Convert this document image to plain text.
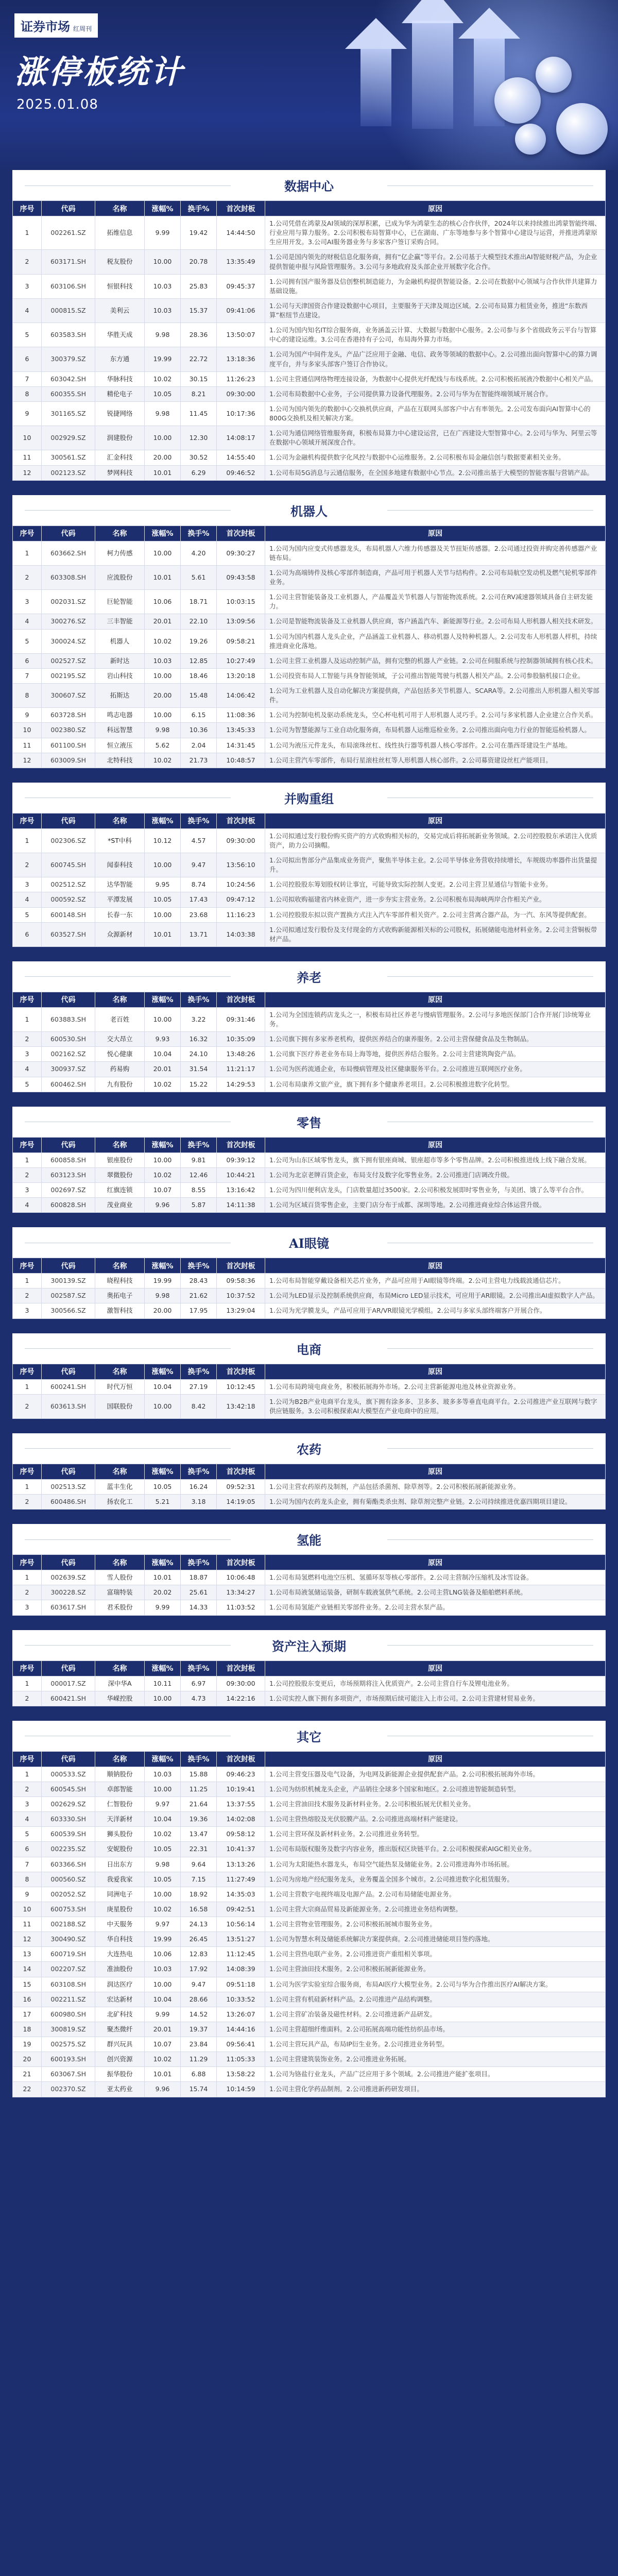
证券市场 红周刊
涨停板统计
2025.01.08
数据中心
序号	代码	名称	涨幅%	换手%	首次封板	原因
1	002261.SZ	拓维信息	9.99	19.42	14:44:50	1.公司凭借在鸿蒙及AI领域的深厚积累，已成为华为鸿蒙生态的核心合作伙伴，2024年以来持续推出鸿蒙智能终端、行业应用与算力服务。2.公司积极布局智算中心，已在湖南、广东等地参与多个智算中心建设与运营，并推进鸿蒙原生应用开发。3.公司AI服务器业务与多家客户签订采购合同。
2	603171.SH	税友股份	10.00	20.78	13:35:49	1.公司是国内领先的财税信息化服务商，拥有“亿企赢”等平台。2.公司基于大模型技术推出AI智能财税产品，为企业提供智能申报与风险管理服务。3.公司与多地政府及头部企业开展数字化合作。
3	603106.SH	恒银科技	10.03	25.83	09:45:37	1.公司拥有国产服务器及信创整机制造能力，为金融机构提供智能设备。2.公司在数据中心领域与合作伙伴共建算力基础设施。
4	000815.SZ	美利云	10.03	15.37	09:41:06	1.公司与天津国资合作建设数据中心项目，主要服务于天津及周边区域。2.公司布局算力租赁业务，推进“东数西算”枢纽节点建设。
5	603583.SH	华胜天成	9.98	28.36	13:50:07	1.公司为国内知名IT综合服务商，业务涵盖云计算、大数据与数据中心服务。2.公司参与多个省级政务云平台与智算中心的建设运维。3.公司在香港持有子公司，布局海外算力市场。
6	300379.SZ	东方通	19.99	22.72	13:18:36	1.公司为国产中间件龙头，产品广泛应用于金融、电信、政务等领域的数据中心。2.公司推出面向智算中心的算力调度平台，并与多家头部客户签订合作协议。
7	603042.SH	华脉科技	10.02	30.15	11:26:23	1.公司主营通信网络物理连接设备，为数据中心提供光纤配线与布线系统。2.公司积极拓展液冷数据中心相关产品。
8	600355.SH	精伦电子	10.05	8.21	09:30:00	1.公司布局数据中心业务，子公司提供算力设备代理服务。2.公司与华为在智能终端领域开展合作。
9	301165.SZ	锐捷网络	9.98	11.45	10:17:36	1.公司为国内领先的数据中心交换机供应商，产品在互联网头部客户中占有率领先。2.公司发布面向AI智算中心的800G交换机及相关解决方案。
10	002929.SZ	润建股份	10.00	12.30	14:08:17	1.公司为通信网络管维服务商，积极布局算力中心建设运营，已在广西建设大型智算中心。2.公司与华为、阿里云等在数据中心领域开展深度合作。
11	300561.SZ	汇金科技	20.00	30.52	14:55:40	1.公司为金融机构提供数字化风控与数据中心运维服务。2.公司积极布局金融信创与数据要素相关业务。
12	002123.SZ	梦网科技	10.01	6.29	09:46:52	1.公司布局5G消息与云通信服务，在全国多地建有数据中心节点。2.公司推出基于大模型的智能客服与营销产品。
机器人
序号	代码	名称	涨幅%	换手%	首次封板	原因
1	603662.SH	柯力传感	10.00	4.20	09:30:27	1.公司为国内应变式传感器龙头，布局机器人六维力传感器及关节扭矩传感器。2.公司通过投资并购完善传感器产业链布局。
2	603308.SH	应流股份	10.01	5.61	09:43:58	1.公司为高端铸件及核心零部件制造商，产品可用于机器人关节与结构件。2.公司布局航空发动机及燃气轮机零部件业务。
3	002031.SZ	巨轮智能	10.06	18.71	10:03:15	1.公司主营智能装备及工业机器人，产品覆盖关节机器人与智能物流系统。2.公司在RV减速器领域具备自主研发能力。
4	300276.SZ	三丰智能	20.01	22.10	13:09:56	1.公司是智能物流装备及工业机器人供应商，客户涵盖汽车、新能源等行业。2.公司布局人形机器人相关技术研发。
5	300024.SZ	机器人	10.02	19.26	09:58:21	1.公司为国内机器人龙头企业，产品涵盖工业机器人、移动机器人及特种机器人。2.公司发布人形机器人样机，持续推进商业化落地。
6	002527.SZ	新时达	10.03	12.85	10:27:49	1.公司主营工业机器人及运动控制产品，拥有完整的机器人产业链。2.公司在伺服系统与控制器领域拥有核心技术。
7	002195.SZ	岩山科技	10.00	18.46	13:20:18	1.公司投资布局人工智能与具身智能领域，子公司推出智能驾驶与机器人相关产品。2.公司参股脑机接口企业。
8	300607.SZ	拓斯达	20.00	15.48	14:06:42	1.公司为工业机器人及自动化解决方案提供商，产品包括多关节机器人、SCARA等。2.公司推出人形机器人相关零部件。
9	603728.SH	鸣志电器	10.00	6.15	11:08:36	1.公司为控制电机及驱动系统龙头，空心杯电机可用于人形机器人灵巧手。2.公司与多家机器人企业建立合作关系。
10	002380.SZ	科远智慧	9.98	10.36	13:45:33	1.公司为智慧能源与工业自动化服务商，布局机器人运维巡检业务。2.公司推出面向电力行业的智能巡检机器人。
11	601100.SH	恒立液压	5.62	2.04	14:31:45	1.公司为液压元件龙头，布局滚珠丝杠、线性执行器等机器人核心零部件。2.公司在墨西哥建设生产基地。
12	603009.SH	北特科技	10.02	21.73	10:48:57	1.公司主营汽车零部件，布局行星滚柱丝杠等人形机器人核心部件。2.公司募资建设丝杠产能项目。
并购重组
序号	代码	名称	涨幅%	换手%	首次封板	原因
1	002306.SZ	*ST中科	10.12	4.57	09:30:00	1.公司拟通过发行股份购买资产的方式收购相关标的，交易完成后将拓展新业务领域。2.公司控股股东承诺注入优质资产，助力公司摘帽。
2	600745.SH	闻泰科技	10.00	9.47	13:56:10	1.公司拟出售部分产品集成业务资产，聚焦半导体主业。2.公司半导体业务营收持续增长，车规级功率器件出货量提升。
3	002512.SZ	达华智能	9.95	8.74	10:24:56	1.公司控股股东筹划股权转让事宜，可能导致实际控制人变更。2.公司主营卫星通信与智能卡业务。
4	000592.SZ	平潭发展	10.05	17.43	09:47:12	1.公司拟收购福建省内林业资产，进一步夯实主营业务。2.公司积极布局海峡两岸合作相关产业。
5	600148.SH	长春一东	10.00	23.68	11:16:23	1.公司控股股东拟以资产置换方式注入汽车零部件相关资产。2.公司主营离合器产品，为一汽、东风等提供配套。
6	603527.SH	众源新材	10.01	13.71	14:03:38	1.公司拟通过发行股份及支付现金的方式收购新能源相关标的公司股权，拓展储能电池材料业务。2.公司主营铜板带材产品。
养老
序号	代码	名称	涨幅%	换手%	首次封板	原因
1	603883.SH	老百姓	10.00	3.22	09:31:46	1.公司为全国连锁药店龙头之一，积极布局社区养老与慢病管理服务。2.公司与多地医保部门合作开展门诊统筹业务。
2	600530.SH	交大昂立	9.93	16.32	10:35:09	1.公司旗下拥有多家养老机构，提供医养结合的康养服务。2.公司主营保健食品及生物制品。
3	002162.SZ	悦心健康	10.04	24.10	13:48:26	1.公司旗下医疗养老业务布局上海等地，提供医养结合服务。2.公司主营建筑陶瓷产品。
4	300937.SZ	药易购	20.01	31.54	11:21:17	1.公司为医药流通企业，布局慢病管理及社区健康服务平台。2.公司推进互联网医疗业务。
5	600462.SH	九有股份	10.02	15.22	14:29:53	1.公司布局康养文旅产业，旗下拥有多个健康养老项目。2.公司积极推进数字化转型。
零售
序号	代码	名称	涨幅%	换手%	首次封板	原因
1	600858.SH	银座股份	10.00	9.81	09:39:12	1.公司为山东区域零售龙头，旗下拥有银座商城、银座超市等多个零售品牌。2.公司积极推进线上线下融合发展。
2	603123.SH	翠微股份	10.02	12.46	10:44:21	1.公司为北京老牌百货企业，布局支付及数字化零售业务。2.公司推进门店调改升级。
3	002697.SZ	红旗连锁	10.07	8.55	13:16:42	1.公司为四川便利店龙头，门店数量超过3500家。2.公司积极发展即时零售业务，与美团、饿了么等平台合作。
4	600828.SH	茂业商业	9.96	5.87	14:11:38	1.公司为区域百货零售企业，主要门店分布于成都、深圳等地。2.公司推进商业综合体运营升级。
AI眼镜
序号	代码	名称	涨幅%	换手%	首次封板	原因
1	300139.SZ	晓程科技	19.99	28.43	09:58:36	1.公司布局智能穿戴设备相关芯片业务，产品可应用于AI眼镜等终端。2.公司主营电力线载波通信芯片。
2	002587.SZ	奥拓电子	9.98	21.62	10:37:52	1.公司为LED显示及控制系统供应商，布局Micro LED显示技术，可应用于AR眼镜。2.公司推出AI虚拟数字人产品。
3	300566.SZ	激智科技	20.00	17.95	13:29:04	1.公司为光学膜龙头，产品可应用于AR/VR眼镜光学模组。2.公司与多家头部终端客户开展合作。
电商
序号	代码	名称	涨幅%	换手%	首次封板	原因
1	600241.SH	时代万恒	10.04	27.19	10:12:45	1.公司布局跨境电商业务，积极拓展海外市场。2.公司主营新能源电池及林业资源业务。
2	603613.SH	国联股份	10.00	8.42	13:42:18	1.公司为B2B产业电商平台龙头，旗下拥有涂多多、卫多多、玻多多等垂直电商平台。2.公司推进产业互联网与数字供应链服务。3.公司积极探索AI大模型在产业电商中的应用。
农药
序号	代码	名称	涨幅%	换手%	首次封板	原因
1	002513.SZ	蓝丰生化	10.05	16.24	09:52:31	1.公司主营农药原药及制剂，产品包括杀菌剂、除草剂等。2.公司积极拓展新能源业务。
2	600486.SH	扬农化工	5.21	3.18	14:19:05	1.公司为国内农药龙头企业，拥有菊酯类杀虫剂、除草剂完整产业链。2.公司持续推进优嘉四期项目建设。
氢能
序号	代码	名称	涨幅%	换手%	首次封板	原因
1	002639.SZ	雪人股份	10.01	18.87	10:06:48	1.公司布局氢燃料电池空压机、氢循环泵等核心零部件。2.公司主营制冷压缩机及冰雪设备。
2	300228.SZ	富瑞特装	20.02	25.61	13:34:27	1.公司布局液氢储运装备，研制车载液氢供气系统。2.公司主营LNG装备及船舶燃料系统。
3	603617.SH	君禾股份	9.99	14.33	11:03:52	1.公司布局氢能产业链相关零部件业务。2.公司主营水泵产品。
资产注入预期
序号	代码	名称	涨幅%	换手%	首次封板	原因
1	000017.SZ	深中华A	10.11	6.97	09:30:00	1.公司控股股东变更后，市场预期将注入优质资产。2.公司主营自行车及锂电池业务。
2	600421.SH	华嵘控股	10.00	4.73	14:22:16	1.公司实控人旗下拥有多项资产，市场预期后续可能注入上市公司。2.公司主营建材贸易业务。
其它
序号	代码	名称	涨幅%	换手%	首次封板	原因
1	000533.SZ	顺钠股份	10.03	15.88	09:46:23	1.公司主营变压器及电气设备，为电网及新能源企业提供配套产品。2.公司积极拓展海外市场。
2	600545.SH	卓郎智能	10.00	11.25	10:19:41	1.公司为纺织机械龙头企业，产品销往全球多个国家和地区。2.公司推进智能制造转型。
3	002629.SZ	仁智股份	9.97	21.64	13:37:55	1.公司主营油田技术服务及新材料业务。2.公司积极拓展光伏相关业务。
4	603330.SH	天洋新材	10.04	19.36	14:02:08	1.公司主营热熔胶及光伏胶膜产品。2.公司推进高端材料产能建设。
5	600539.SH	狮头股份	10.02	13.47	09:58:12	1.公司主营环保及新材料业务。2.公司推进业务转型。
6	002235.SZ	安妮股份	10.05	22.31	10:41:37	1.公司布局版权服务及数字内容业务，推出版权区块链平台。2.公司积极探索AIGC相关业务。
7	603366.SH	日出东方	9.98	9.64	13:13:26	1.公司为太阳能热水器龙头，布局空气能热泵及储能业务。2.公司推进海外市场拓展。
8	000560.SZ	我爱我家	10.05	7.15	11:27:49	1.公司为房地产经纪服务龙头，业务覆盖全国多个城市。2.公司推进数字化租赁服务。
9	002052.SZ	同洲电子	10.00	18.92	14:35:03	1.公司主营数字电视终端及电源产品。2.公司布局储能电源业务。
10	600753.SH	庚星股份	10.02	16.58	09:42:51	1.公司主营大宗商品贸易及新能源业务。2.公司推进业务结构调整。
11	002188.SZ	中天服务	9.97	24.13	10:56:14	1.公司主营物业管理服务。2.公司积极拓展城市服务业务。
12	300490.SZ	华自科技	19.99	26.45	13:51:27	1.公司为智慧水利及储能系统解决方案提供商。2.公司推进储能项目签约落地。
13	600719.SH	大连热电	10.06	12.83	11:12:45	1.公司主营热电联产业务。2.公司推进资产重组相关事项。
14	002207.SZ	准油股份	10.03	17.92	14:08:39	1.公司主营油田技术服务。2.公司积极拓展新能源业务。
15	603108.SH	润达医疗	10.00	9.47	09:51:18	1.公司为医学实验室综合服务商，布局AI医疗大模型业务。2.公司与华为合作推出医疗AI解决方案。
16	002211.SZ	宏达新材	10.04	28.66	10:33:52	1.公司主营有机硅新材料产品。2.公司推进产品结构调整。
17	600980.SH	北矿科技	9.99	14.52	13:26:07	1.公司主营矿冶装备及磁性材料。2.公司推进新产品研发。
18	300819.SZ	聚杰微纤	20.01	19.37	14:44:16	1.公司主营超细纤维面料。2.公司拓展高端功能性纺织品市场。
19	002575.SZ	群兴玩具	10.07	23.84	09:56:41	1.公司主营玩具产品，布局IP衍生业务。2.公司推进业务转型。
20	600193.SH	创兴资源	10.02	11.29	11:05:33	1.公司主营建筑装饰业务。2.公司推进业务拓展。
21	603067.SH	振华股份	10.01	6.88	13:58:22	1.公司为铬盐行业龙头，产品广泛应用于多个领域。2.公司推进产能扩张项目。
22	002370.SZ	亚太药业	9.96	15.74	10:14:59	1.公司主营化学药品制剂。2.公司推进新药研发项目。
